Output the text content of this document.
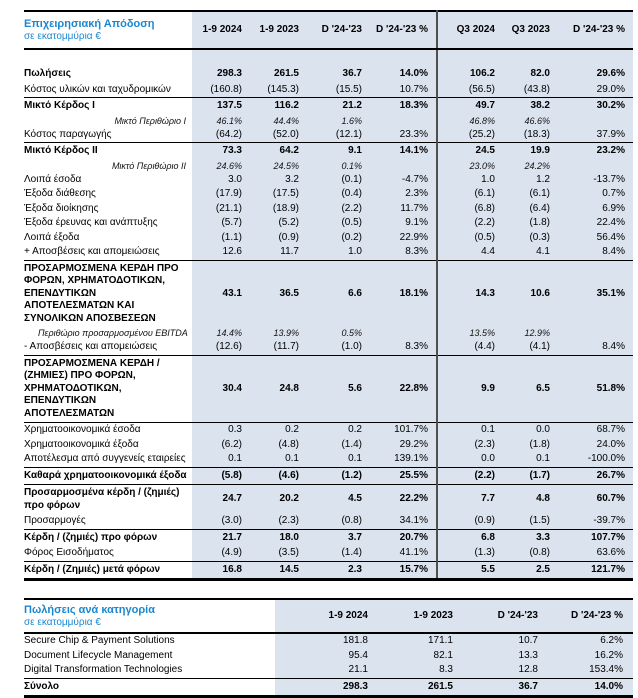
Επιχειρησιακή Απόδοση
σε εκατομμύρια €	1-9 2024	1-9 2023	D '24-'23	D '24-'23 %	Q3 2024	Q3 2023	D '24-'23 %

Πωλήσεις	298.3	261.5	36.7	14.0%	106.2	82.0	29.6%
Κόστος υλικών και ταχυδρομικών	(160.8)	(145.3)	(15.5)	10.7%	(56.5)	(43.8)	29.0%
Μικτό Κέρδος I	137.5	116.2	21.2	18.3%	49.7	38.2	30.2%
Μικτό Περιθώριο I	46.1%	44.4%	1.6%		46.8%	46.6%	
Κόστος παραγωγής	(64.2)	(52.0)	(12.1)	23.3%	(25.2)	(18.3)	37.9%
Μικτό Κέρδος II	73.3	64.2	9.1	14.1%	24.5	19.9	23.2%
Μικτό Περιθώριο II	24.6%	24.5%	0.1%		23.0%	24.2%	
Λοιπά έσοδα	3.0	3.2	(0.1)	-4.7%	1.0	1.2	-13.7%
Έξοδα διάθεσης	(17.9)	(17.5)	(0.4)	2.3%	(6.1)	(6.1)	0.7%
Έξοδα διοίκησης	(21.1)	(18.9)	(2.2)	11.7%	(6.8)	(6.4)	6.9%
Έξοδα έρευνας και ανάπτυξης	(5.7)	(5.2)	(0.5)	9.1%	(2.2)	(1.8)	22.4%
Λοιπά έξοδα	(1.1)	(0.9)	(0.2)	22.9%	(0.5)	(0.3)	56.4%
+ Αποσβέσεις και απομειώσεις	12.6	11.7	1.0	8.3%	4.4	4.1	8.4%
ΠΡΟΣΑΡΜΟΣΜΕΝΑ ΚΕΡΔΗ ΠΡΟ ΦΟΡΩΝ, ΧΡΗΜΑΤΟΔΟΤΙΚΩΝ, ΕΠΕΝΔΥΤΙΚΩΝ ΑΠΟΤΕΛΕΣΜΑΤΩΝ ΚΑΙ ΣΥΝΟΛΙΚΩΝ ΑΠΟΣΒΕΣΕΩΝ	43.1	36.5	6.6	18.1%	14.3	10.6	35.1%
Περιθώριο προσαρμοσμένου EBITDA	14.4%	13.9%	0.5%		13.5%	12.9%	
- Αποσβέσεις και απομειώσεις	(12.6)	(11.7)	(1.0)	8.3%	(4.4)	(4.1)	8.4%
ΠΡΟΣΑΡΜΟΣΜΕΝΑ ΚΕΡΔΗ / (ΖΗΜΙΕΣ) ΠΡΟ ΦΟΡΩΝ, ΧΡΗΜΑΤΟΔΟΤΙΚΩΝ, ΕΠΕΝΔΥΤΙΚΩΝ ΑΠΟΤΕΛΕΣΜΑΤΩΝ	30.4	24.8	5.6	22.8%	9.9	6.5	51.8%
Χρηματοοικονομικά έσοδα	0.3	0.2	0.2	101.7%	0.1	0.0	68.7%
Χρηματοοικονομικά έξοδα	(6.2)	(4.8)	(1.4)	29.2%	(2.3)	(1.8)	24.0%
Αποτέλεσμα από συγγενείς εταιρείες	0.1	0.1	0.1	139.1%	0.0	0.1	-100.0%
Καθαρά χρηματοοικονομικά έξοδα	(5.8)	(4.6)	(1.2)	25.5%	(2.2)	(1.7)	26.7%
Προσαρμοσμένα κέρδη / (ζημιές) προ φόρων	24.7	20.2	4.5	22.2%	7.7	4.8	60.7%
Προσαρμογές	(3.0)	(2.3)	(0.8)	34.1%	(0.9)	(1.5)	-39.7%
Κέρδη / (ζημιές) προ φόρων	21.7	18.0	3.7	20.7%	6.8	3.3	107.7%
Φόρος Εισοδήματος	(4.9)	(3.5)	(1.4)	41.1%	(1.3)	(0.8)	63.6%
Κέρδη / (Ζημιές) μετά φόρων	16.8	14.5	2.3	15.7%	5.5	2.5	121.7%
Πωλήσεις ανά κατηγορία
σε εκατομμύρια €	1-9 2024	1-9 2023	D '24-'23	D '24-'23 %
Secure Chip & Payment Solutions	181.8	171.1	10.7	6.2%
Document Lifecycle Management	95.4	82.1	13.3	16.2%
Digital Transformation Technologies	21.1	8.3	12.8	153.4%
Σύνολο	298.3	261.5	36.7	14.0%
